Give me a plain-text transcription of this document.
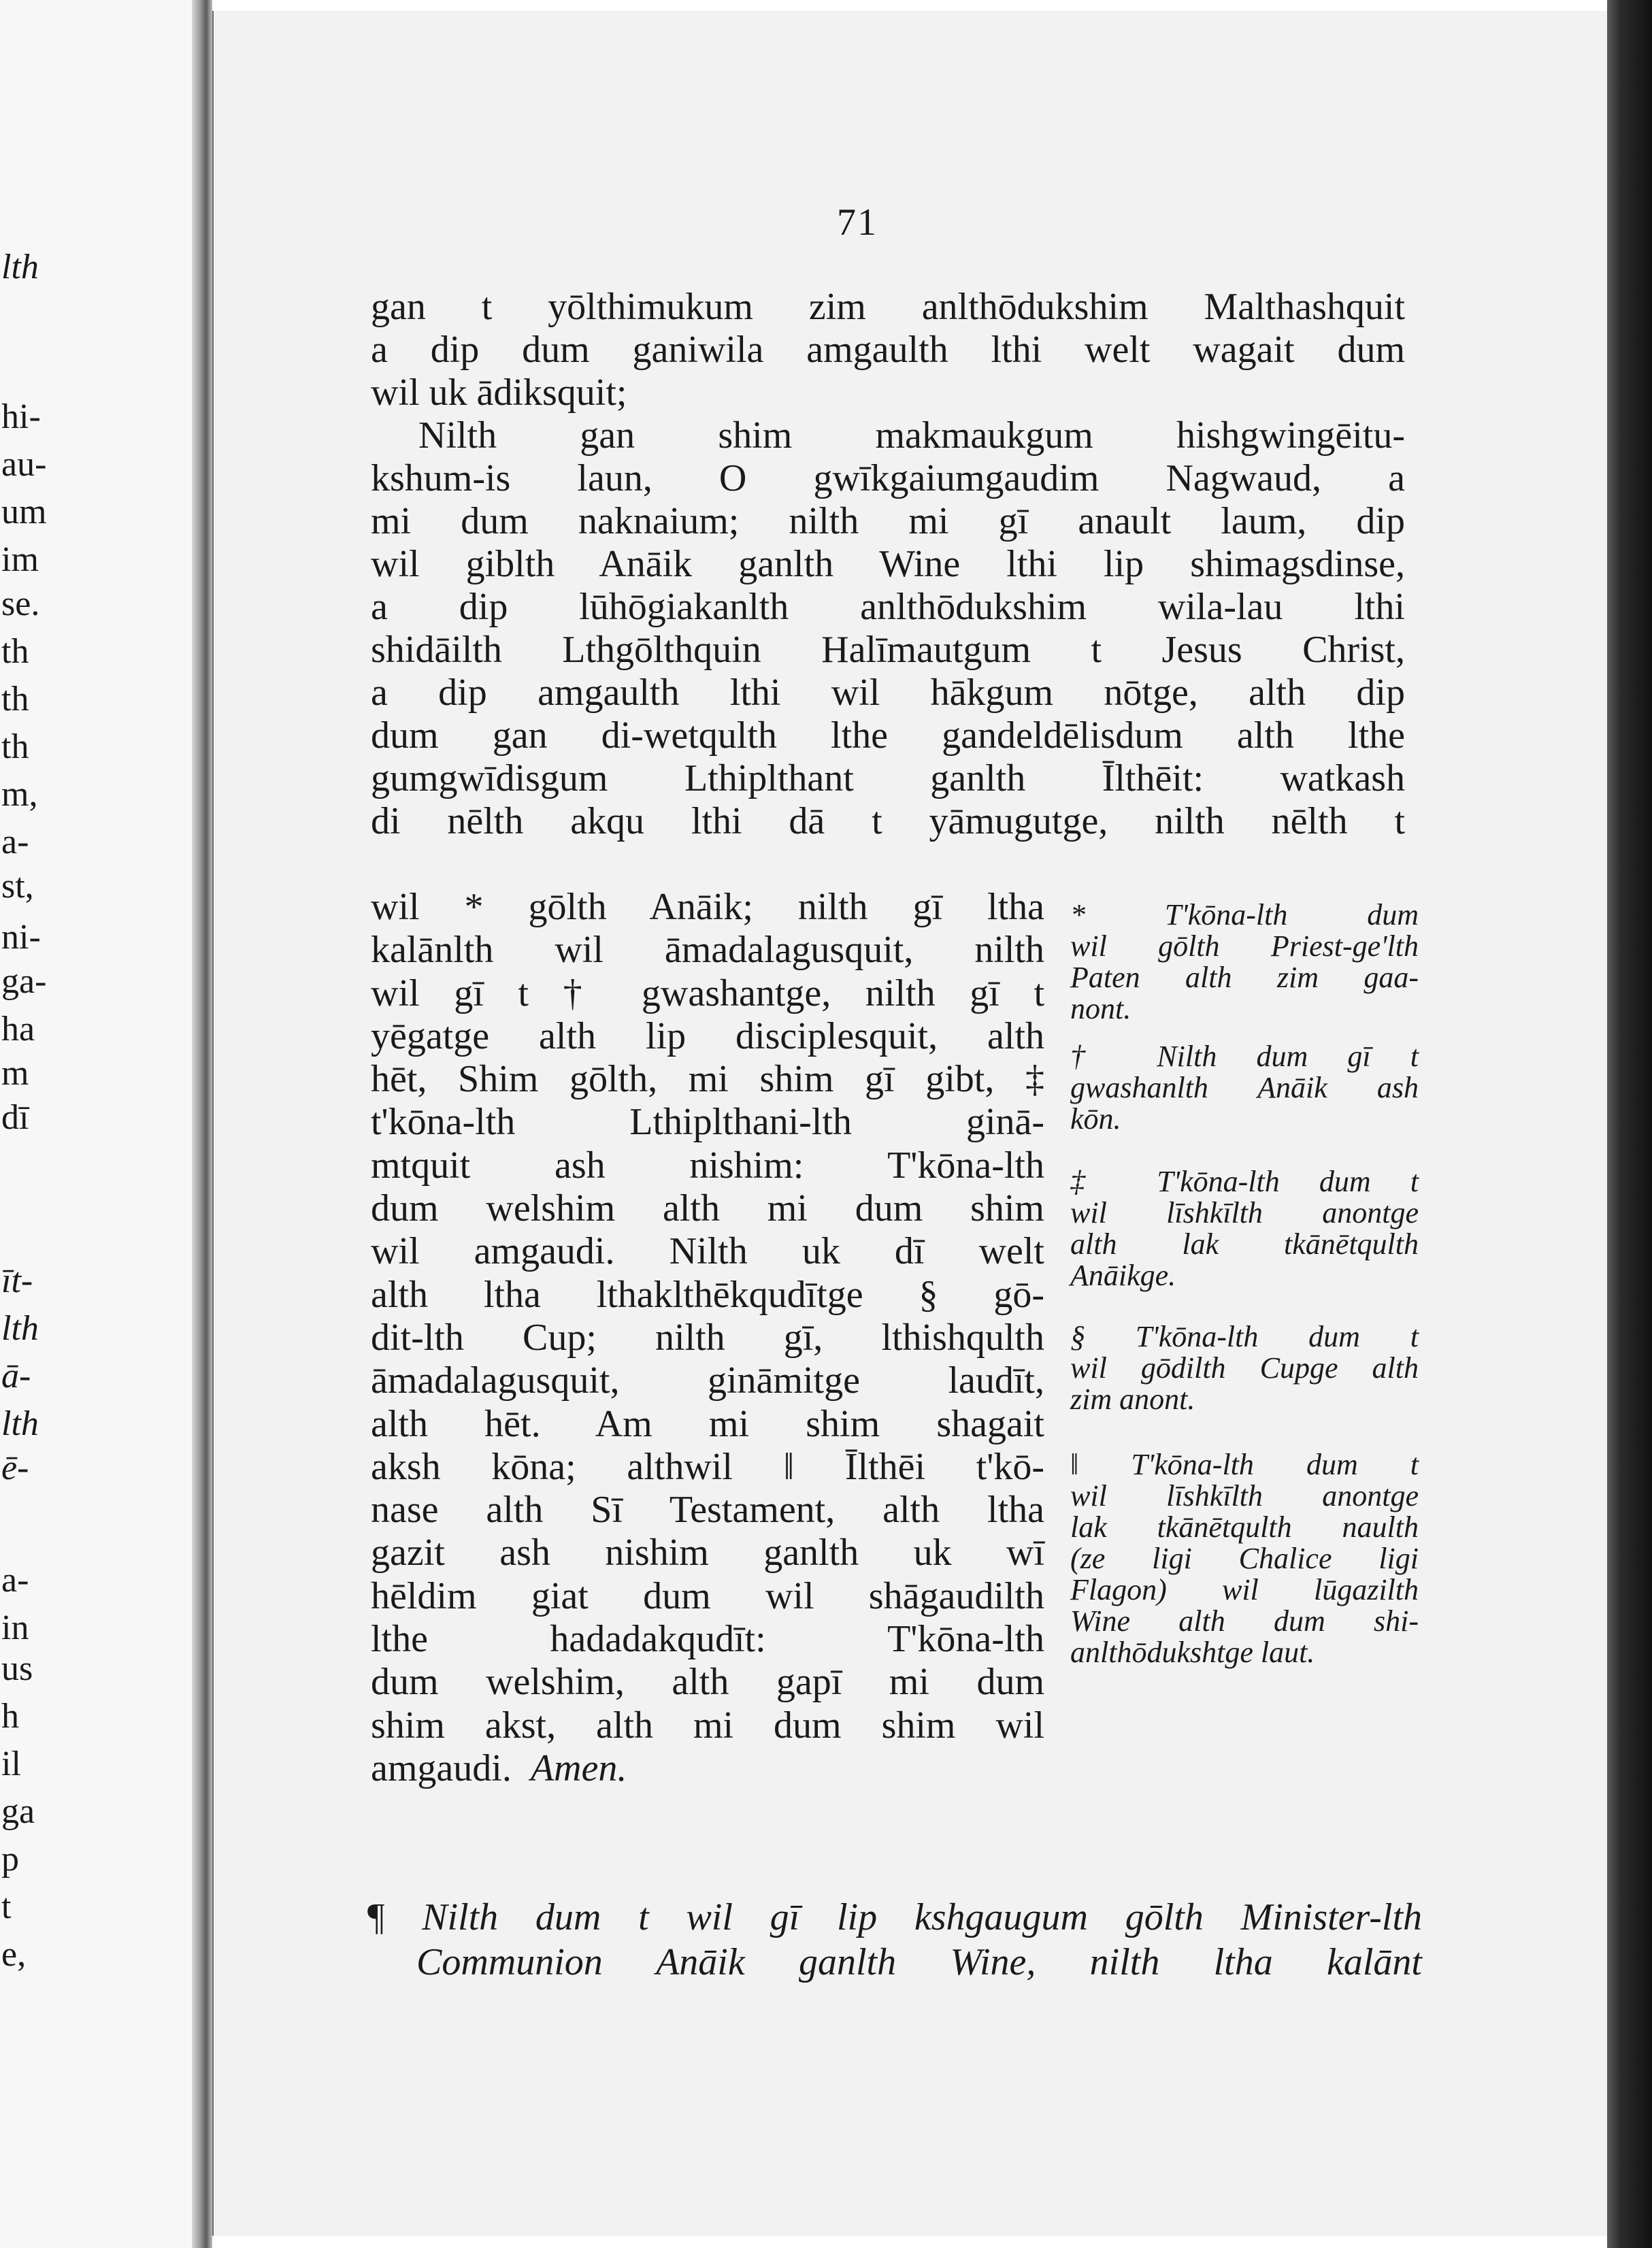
lth
hi-
au-
um
im
se.
th
th
th
m,
a-
st,
ni-
ga-
ha
m
dī
īt-
lth
ā-
lth
ē-
a-
in
us
h
il
ga
p
t
e,
71
gan t yōlthimukum zim anlthōdukshim Malthashquit
a dip dum ganiwila amgaulth lthi welt wagait dum
wil uk ādiksquit;
Nilth gan shim makmaukgum hishgwingēitu-
kshum-is laun, O gwīkgaiumgaudim Nagwaud, a
mi dum naknaium; nilth mi gī anault laum, dip
wil giblth Anāik ganlth Wine lthi lip shimagsdinse,
a dip lūhōgiakanlth anlthōdukshim wila-lau lthi
shidāilth Lthgōlthquin Halīmautgum t Jesus Christ,
a dip amgaulth lthi wil hākgum nōtge, alth dip
dum gan di-wetqulth lthe gandeldēlisdum alth lthe
gumgwīdisgum Lthiplthant ganlth Īlthēit: watkash
di nēlth akqu lthi dā t yāmugutge, nilth nēlth t
wil * gōlth Anāik; nilth gī ltha
kalānlth wil āmadalagusquit, nilth
wil gī t † gwashantge, nilth gī t
yēgatge alth lip disciplesquit, alth
hēt, Shim gōlth, mi shim gī gibt, ‡
t'kōna-lth Lthiplthani-lth ginā-
mtquit ash nishim: T'kōna-lth
dum welshim alth mi dum shim
wil amgaudi. Nilth uk dī welt
alth ltha lthaklthēkqudītge § gō-
dit-lth Cup; nilth gī, lthishqulth
āmadalagusquit, gināmitge laudīt,
alth hēt. Am mi shim shagait
aksh kōna; althwil ‖ Īlthēi t'kō-
nase alth Sī Testament, alth ltha
gazit ash nishim ganlth uk wī
hēldim giat dum wil shāgaudilth
lthe hadadakqudīt: T'kōna-lth
dum welshim, alth gapī mi dum
shim akst, alth mi dum shim wil
amgaudi. Amen.
* T'kōna-lth dum
wil gōlth Priest-ge'lth
Paten alth zim gaa-
nont.
† Nilth dum gī t
gwashanlth Anāik ash
kōn.
‡ T'kōna-lth dum t
wil līshkīlth anontge
alth lak tkānētqulth
Anāikge.
§ T'kōna-lth dum t
wil gōdilth Cupge alth
zim anont.
‖ T'kōna-lth dum t
wil līshkīlth anontge
lak tkānētqulth naulth
(ze ligi Chalice ligi
Flagon) wil lūgazilth
Wine alth dum shi-
anlthōdukshtge laut.
¶ Nilth dum t wil gī lip kshgaugum gōlth Minister-lth
Communion Anāik ganlth Wine, nilth ltha kalānt
